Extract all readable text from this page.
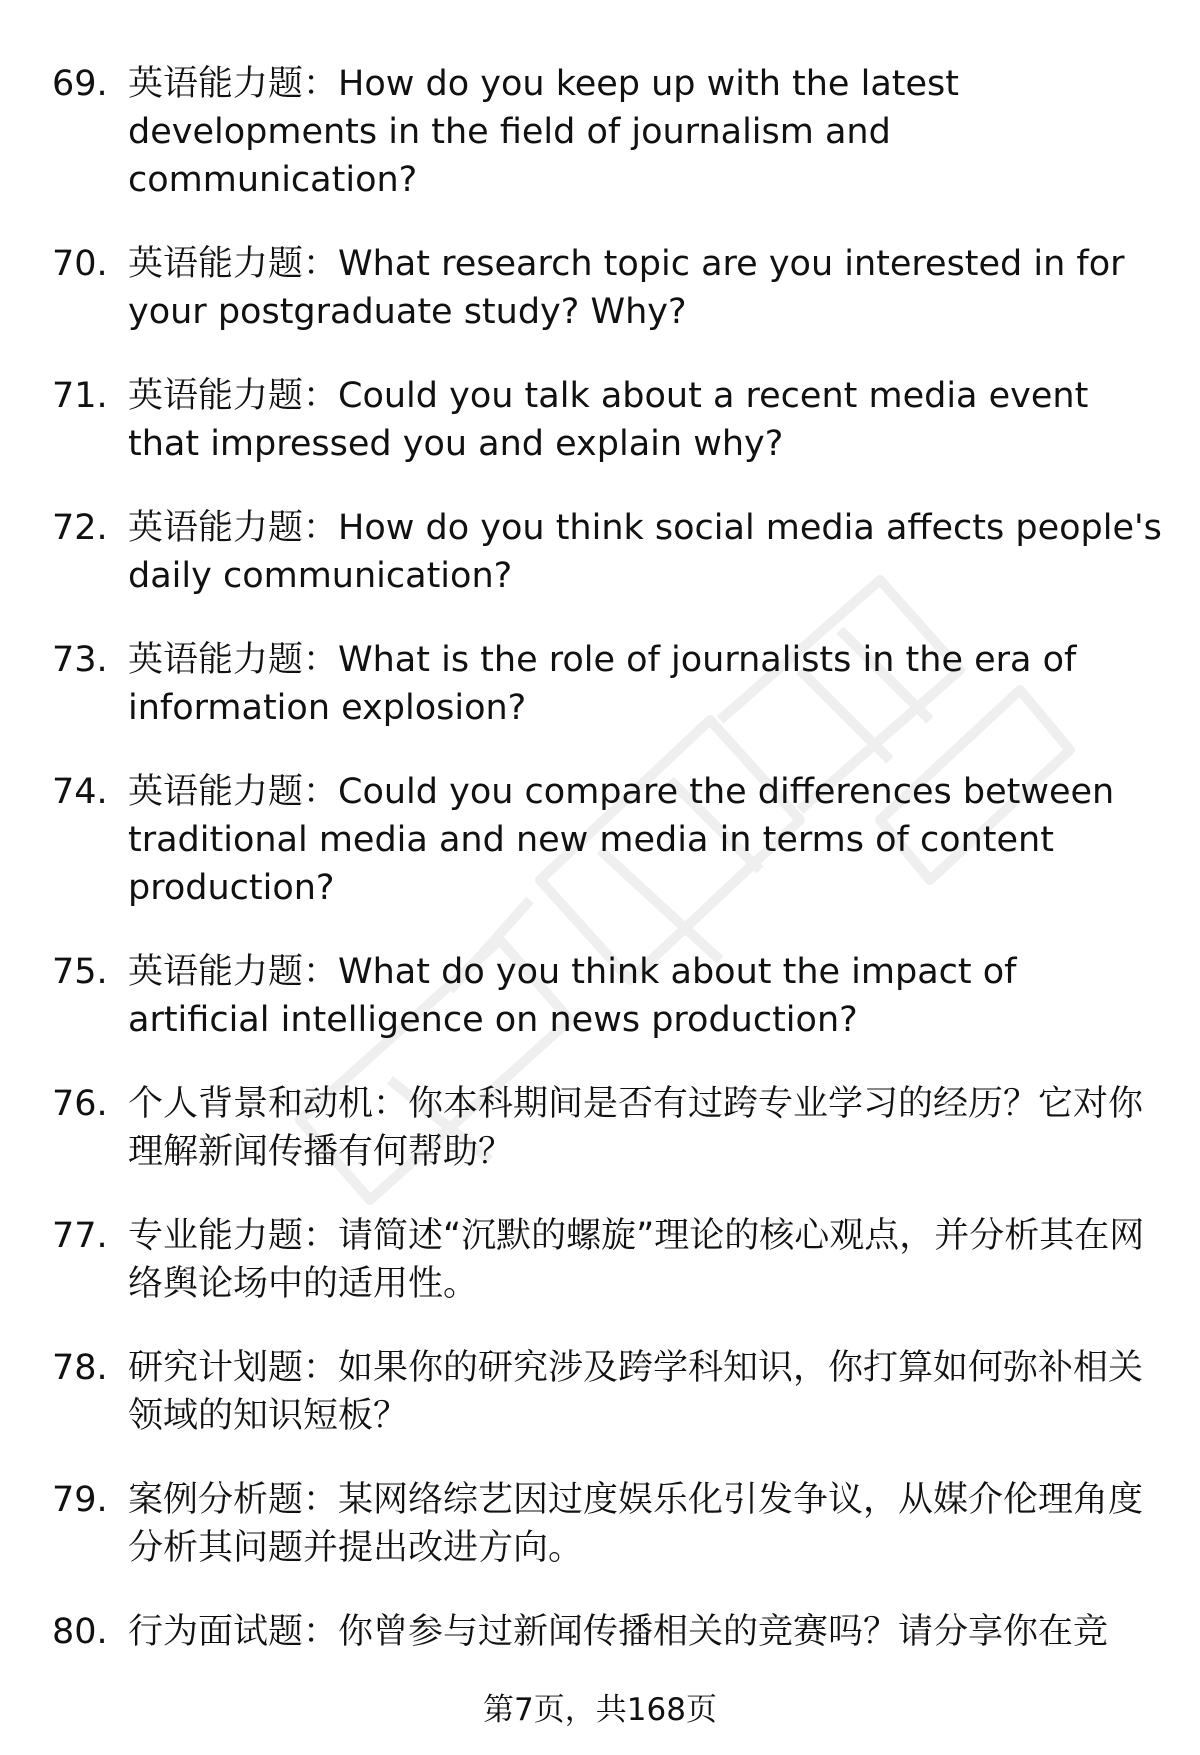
69. 英语能力题：How do you keep up with the latest developments in the field of journalism and communication?
70. 英语能力题：What research topic are you interested in for your postgraduate study? Why?
71. 英语能力题：Could you talk about a recent media event that impressed you and explain why?
72. 英语能力题：How do you think social media affects people's daily communication?
73. 英语能力题：What is the role of journalists in the era of information explosion?
74. 英语能力题：Could you compare the differences between traditional media and new media in terms of content production?
75. 英语能力题：What do you think about the impact of artificial intelligence on news production?
76. 个人背景和动机：你本科期间是否有过跨专业学习的经历？它对你理解新闻传播有何帮助？
77. 专业能力题：请简述“沉默的螺旋”理论的核心观点，并分析其在网络舆论场中的适用性。
78. 研究计划题：如果你的研究涉及跨学科知识，你打算如何弥补相关领域的知识短板？
79. 案例分析题：某网络综艺因过度娱乐化引发争议，从媒介伦理角度分析其问题并提出改进方向。
80. 行为面试题：你曾参与过新闻传播相关的竞赛吗？请分享你在竞
第7页，共168页
